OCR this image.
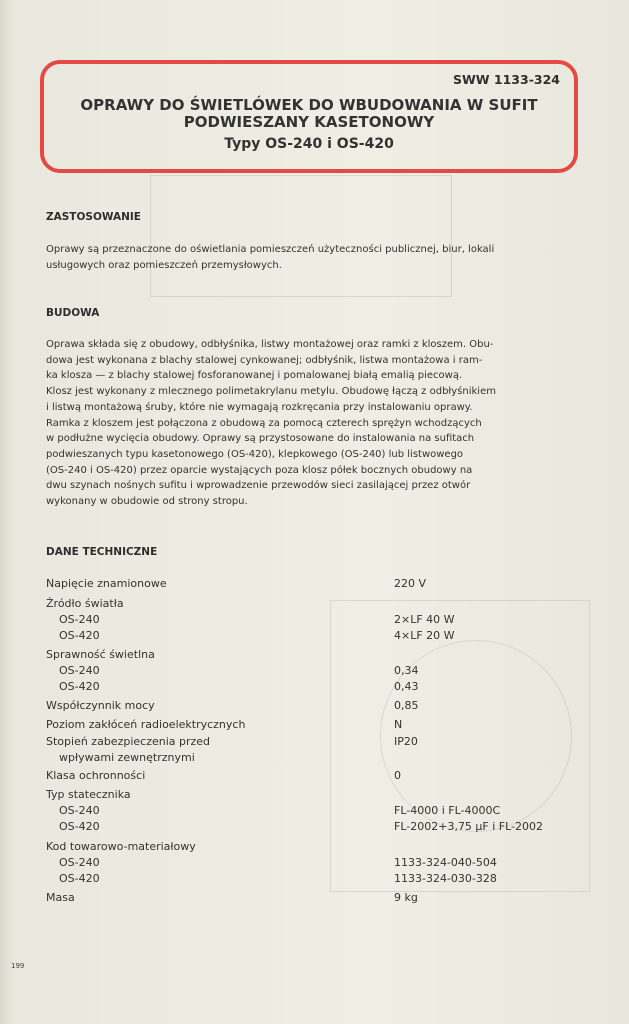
SWW 1133-324
OPRAWY DO ŚWIETLÓWEK DO WBUDOWANIA W SUFIT
PODWIESZANY KASETONOWY
Typy OS-240 i OS-420
ZASTOSOWANIE
Oprawy są przeznaczone do oświetlania pomieszczeń użyteczności publicznej, biur, lokali
usługowych oraz pomieszczeń przemysłowych.
BUDOWA
Oprawa składa się z obudowy, odbłyśnika, listwy montażowej oraz ramki z kloszem. Obu-
dowa jest wykonana z blachy stalowej cynkowanej; odbłyśnik, listwa montażowa i ram-
ka klosza — z blachy stalowej fosforanowanej i pomalowanej białą emalią piecową.
Klosz jest wykonany z mlecznego polimetakrylanu metylu. Obudowę łączą z odbłyśnikiem
i listwą montażową śruby, które nie wymagają rozkręcania przy instalowaniu oprawy.
Ramka z kloszem jest połączona z obudową za pomocą czterech sprężyn wchodzących
w podłużne wycięcia obudowy. Oprawy są przystosowane do instalowania na sufitach
podwieszanych typu kasetonowego (OS-420), klepkowego (OS-240) lub listwowego
(OS-240 i OS-420) przez oparcie wystających poza klosz półek bocznych obudowy na
dwu szynach nośnych sufitu i wprowadzenie przewodów sieci zasilającej przez otwór
wykonany w obudowie od strony stropu.
DANE TECHNICZNE
Napięcie znamionowe
Źródło światła
OS-240
OS-420
Sprawność świetlna
OS-240
OS-420
Współczynnik mocy
Poziom zakłóceń radioelektrycznych
Stopień zabezpieczenia przed
wpływami zewnętrznymi
Klasa ochronności
Typ statecznika
OS-240
OS-420
Kod towarowo-materiałowy
OS-240
OS-420
Masa
220 V
2×LF 40 W
4×LF 20 W
0,34
0,43
0,85
N
IP20
0
FL-4000 i FL-4000C
FL-2002+3,75 µF i FL-2002
1133-324-040-504
1133-324-030-328
9 kg
199
